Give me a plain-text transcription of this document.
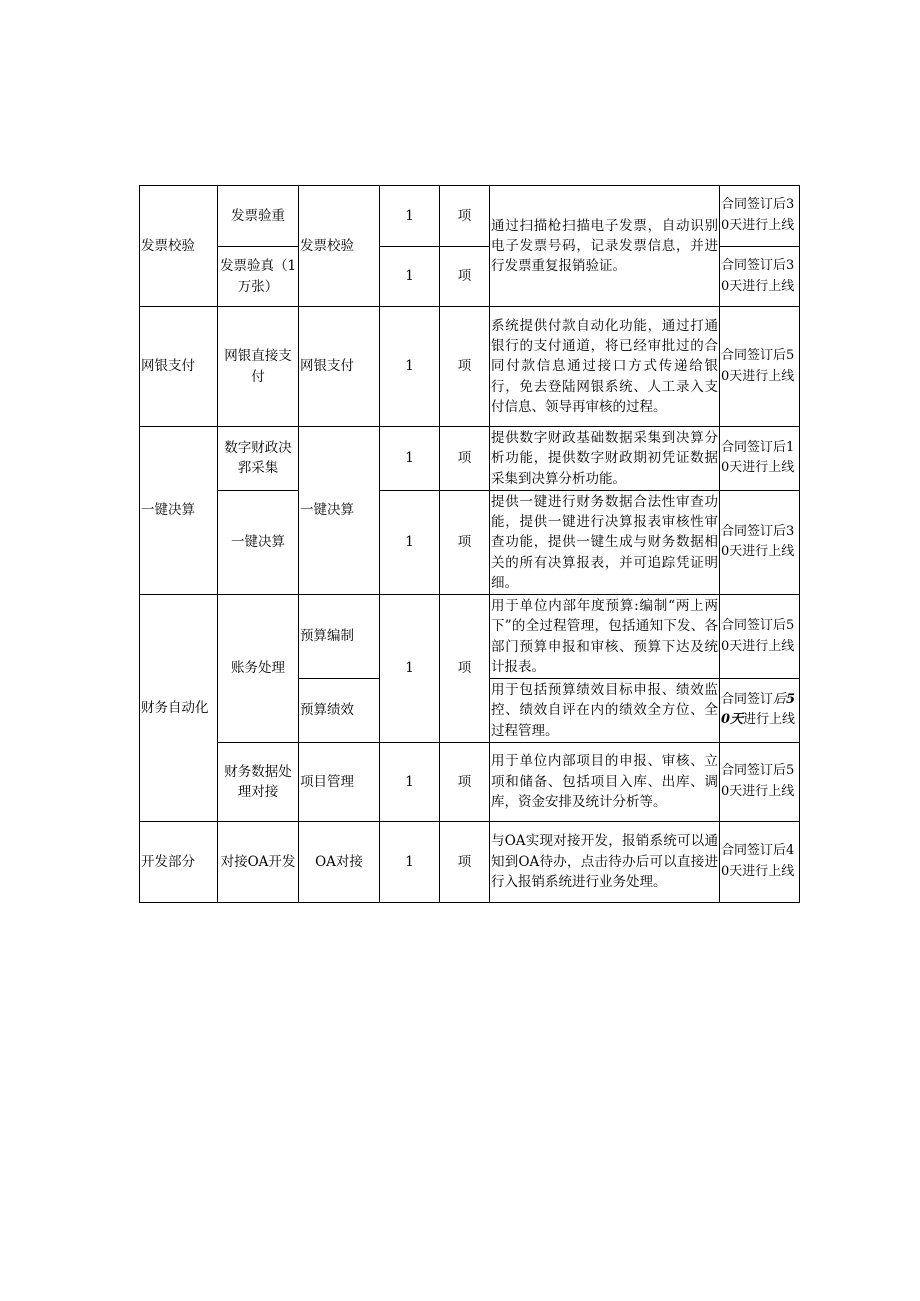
发票校验	发票验重	发票校验	1	项	通过扫描枪扫描电子发票，自动识别电子发票号码，记录发票信息，并进行发票重复报销验证。	合同签订后30天进行上线
	发票验真（1万张）		1	项		合同签订后30天进行上线
网银支付	网银直接支付	网银支付	1	项	系统提供付款自动化功能，通过打通银行的支付通道，将已经审批过的合同付款信息通过接口方式传递给银行，免去登陆网银系统、人工录入支付信息、领导再审核的过程。	合同签订后50天进行上线
一键决算	数字财政决郛采集	一键决算	1	项	提供数字财政基础数据采集到决算分析功能，提供数字财政期初凭证数据采集到决算分析功能。	合同签订后10天进行上线
	一键决算		1	项	提供一键进行财务数据合法性审查功能，提供一键进行决算报表审核性审查功能，提供一键生成与财务数据相关的所有决算报表，并可追踪凭证明细。	合同签订后30天进行上线
财务自动化	账务处理	预算编制	1	项	用于单位内部年度预算:编制“两上两下”的全过程管理，包括通知下发、各部门预算申报和审核、预算下达及统计报表。	合同签订后50天进行上线
		预算绩效			用于包括预算绩效目标申报、绩效监控、绩效自评在内的绩效全方位、全过程管理。	合同签订后50天进行上线
	财务数据处理对接	项目管理	1	项	用于单位内部项目的申报、审核、立项和储备、包括项目入库、出库、调库，资金安排及统计分析等。	合同签订后50天进行上线
开发部分	对接OA开发	OA对接	1	项	与OA实现对接开发，报销系统可以通知到OA待办，点击待办后可以直接进行入报销系统进行业务处理。	合同签订后40天进行上线
